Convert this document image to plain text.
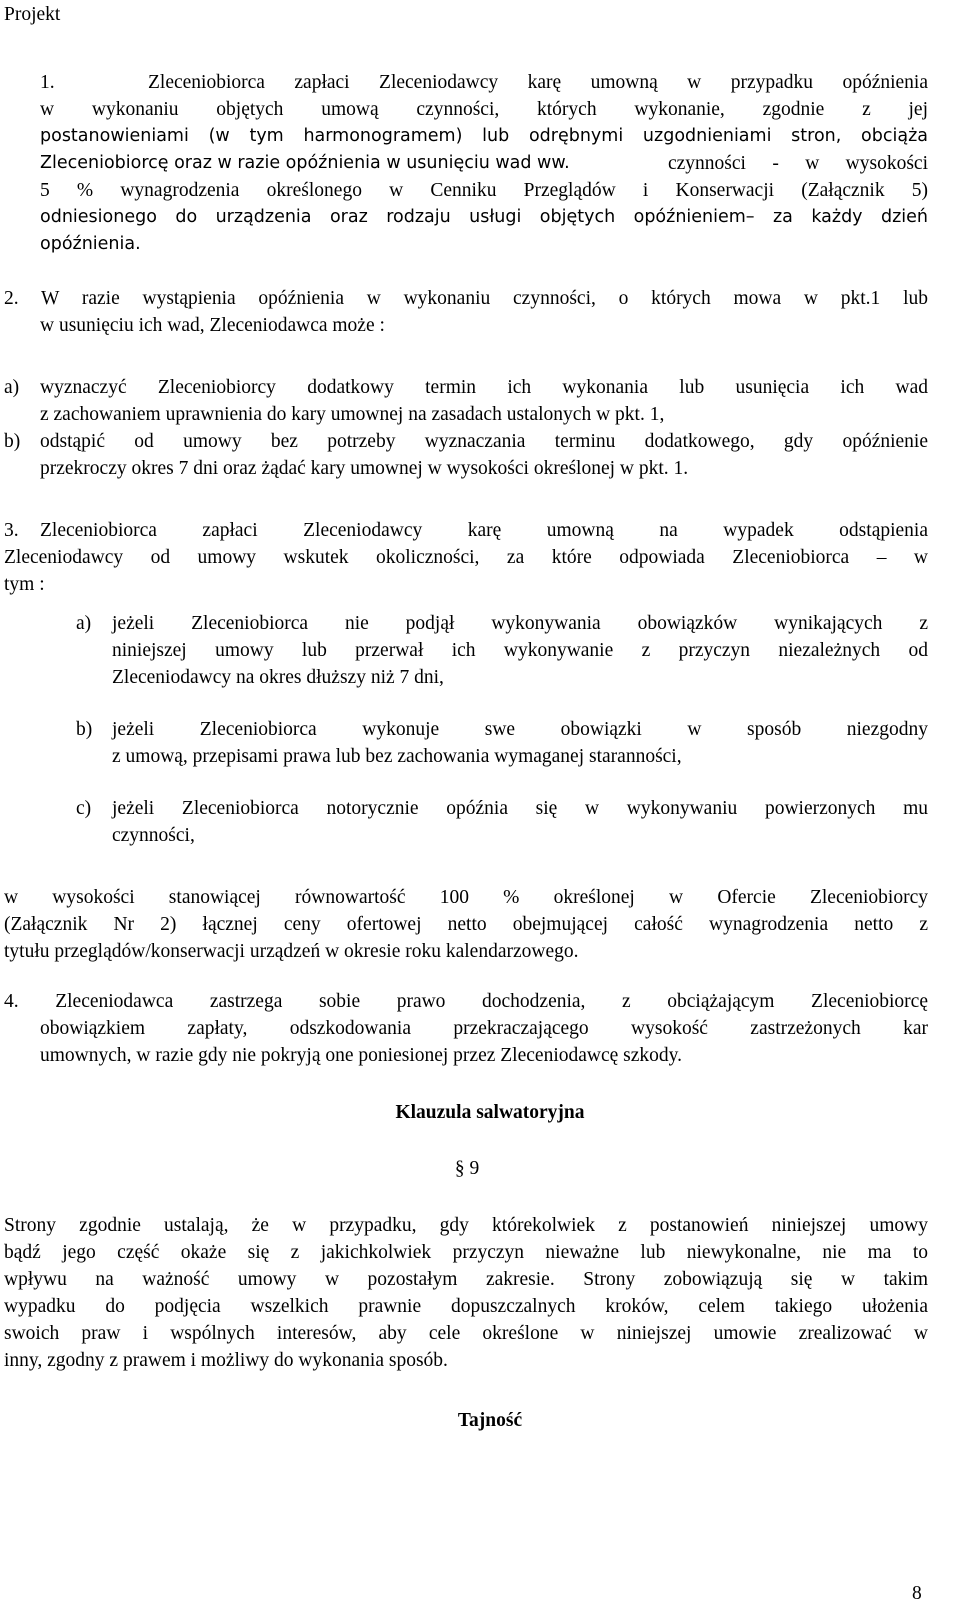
Projekt
1.	Zleceniobiorca zapłaci Zleceniodawcy karę umowną w przypadku opóźnienia
w wykonaniu objętych umową czynności, których wykonanie, zgodnie z jej
postanowieniami (w tym harmonogramem) lub odrębnymi uzgodnieniami stron, obciąża
Zleceniobiorcę oraz w razie opóźnienia w usunięciu wad ww.	czynności - w wysokości
5 % wynagrodzenia określonego w Cenniku Przeglądów i Konserwacji (Załącznik 5)
odniesionego do urządzenia oraz rodzaju usługi objętych opóźnieniem– za każdy dzień
opóźnienia.
2. W razie wystąpienia opóźnienia w wykonaniu czynności, o których mowa w pkt.1 lub
w usunięciu ich wad, Zleceniodawca może :
a) wyznaczyć Zleceniobiorcy dodatkowy termin ich wykonania lub usunięcia ich wad
z zachowaniem uprawnienia do kary umownej na zasadach ustalonych w pkt. 1,
b) odstąpić od umowy bez potrzeby wyznaczania terminu dodatkowego, gdy opóźnienie
przekroczy okres 7 dni oraz żądać kary umownej w wysokości określonej w pkt. 1.
3. Zleceniobiorca zapłaci Zleceniodawcy karę umowną na wypadek odstąpienia
Zleceniodawcy od umowy wskutek okoliczności, za które odpowiada Zleceniobiorca – w
tym :
a) jeżeli Zleceniobiorca nie podjął wykonywania obowiązków wynikających z
niniejszej umowy lub przerwał ich wykonywanie z przyczyn niezależnych od
Zleceniodawcy na okres dłuższy niż 7 dni,
b) jeżeli Zleceniobiorca wykonuje swe obowiązki w sposób niezgodny
z umową, przepisami prawa lub bez zachowania wymaganej staranności,
c) jeżeli Zleceniobiorca notorycznie opóźnia się w wykonywaniu powierzonych mu
czynności,
w wysokości stanowiącej równowartość 100 % określonej w Ofercie Zleceniobiorcy
(Załącznik Nr 2) łącznej ceny ofertowej netto obejmującej całość wynagrodzenia netto z
tytułu przeglądów/konserwacji urządzeń w okresie roku kalendarzowego.
4. Zleceniodawca zastrzega sobie prawo dochodzenia, z obciążającym Zleceniobiorcę
obowiązkiem zapłaty, odszkodowania przekraczającego wysokość zastrzeżonych kar
umownych, w razie gdy nie pokryją one poniesionej przez Zleceniodawcę szkody.
Klauzula salwatoryjna
§ 9
Strony zgodnie ustalają, że w przypadku, gdy którekolwiek z postanowień niniejszej umowy
bądź jego część okaże się z jakichkolwiek przyczyn nieważne lub niewykonalne, nie ma to
wpływu na ważność umowy w pozostałym zakresie. Strony zobowiązują się w takim
wypadku do podjęcia wszelkich prawnie dopuszczalnych kroków, celem takiego ułożenia
swoich praw i wspólnych interesów, aby cele określone w niniejszej umowie zrealizować w
inny, zgodny z prawem i możliwy do wykonania sposób.
Tajność
8
